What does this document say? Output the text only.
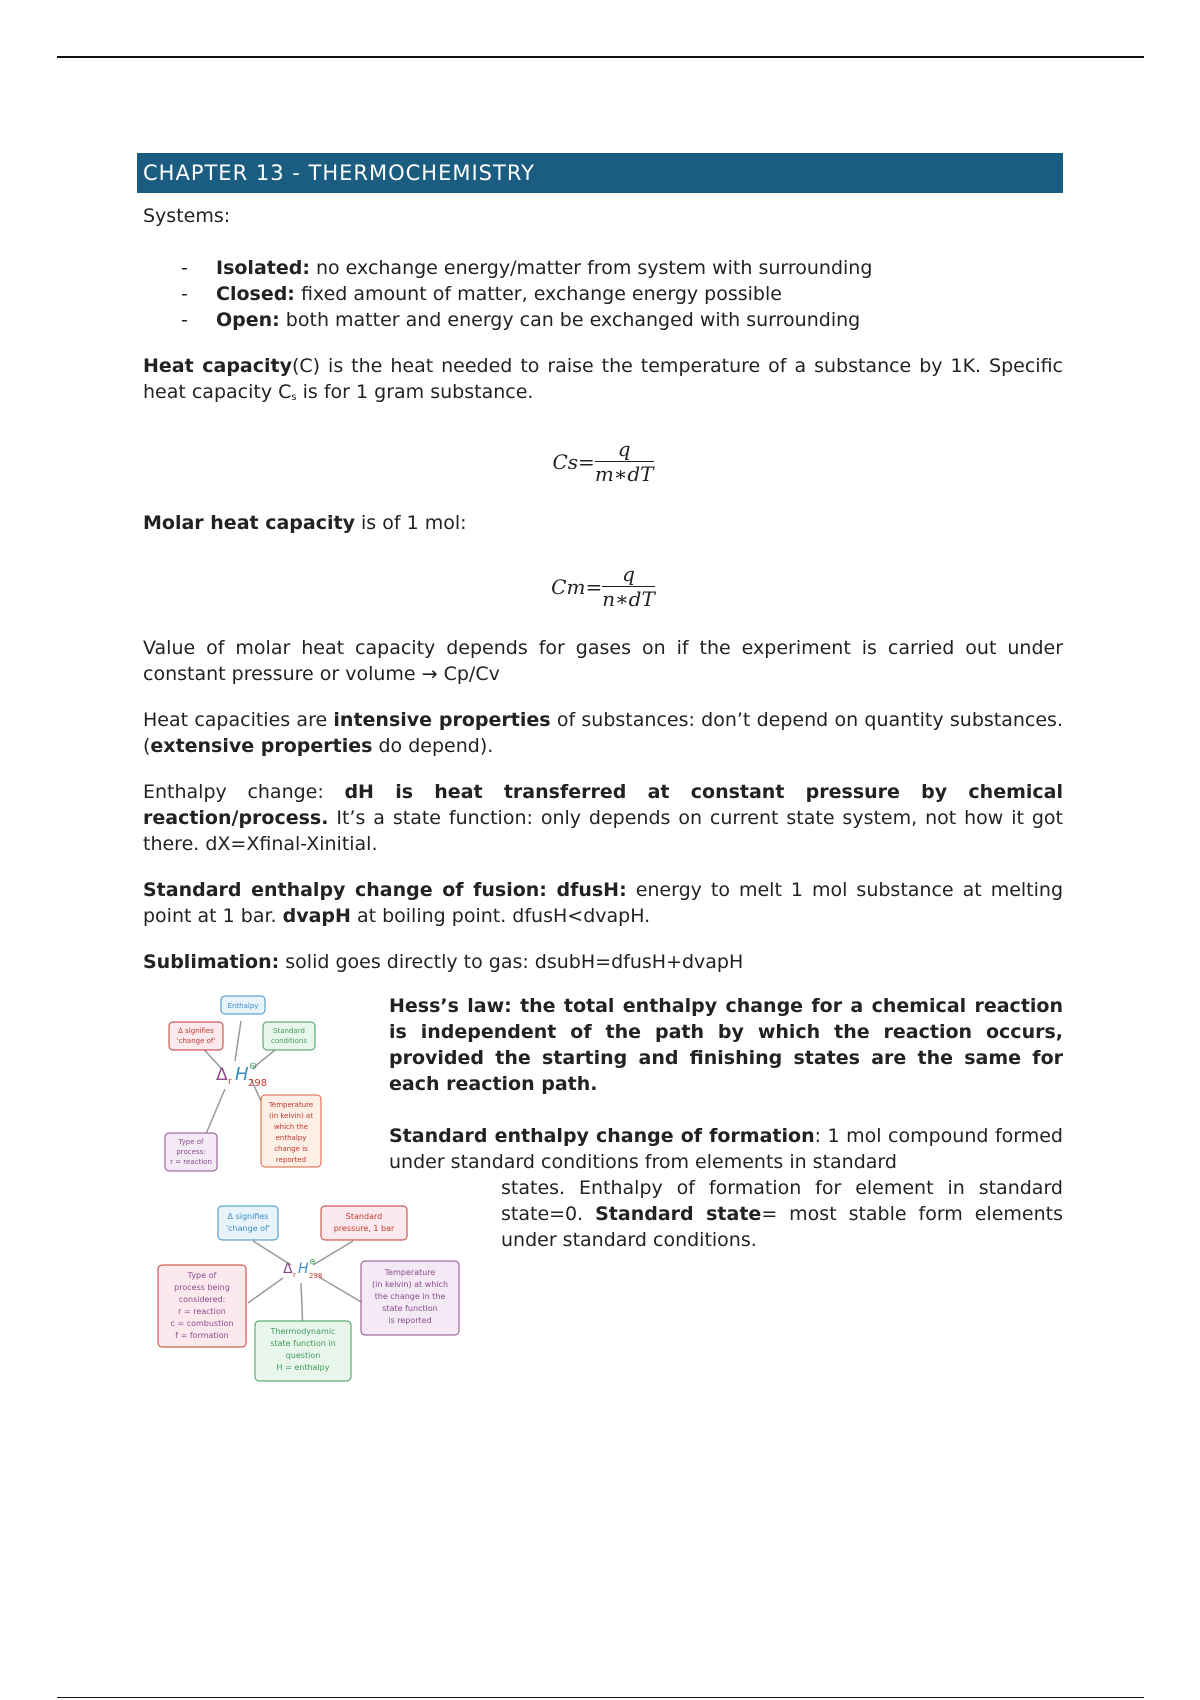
CHAPTER 13 - THERMOCHEMISTRY

Systems:

- Isolated: no exchange energy/matter from system with surrounding
- Closed: fixed amount of matter, exchange energy possible
- Open: both matter and energy can be exchanged with surrounding

Heat capacity(C) is the heat needed to raise the temperature of a substance by 1K. Specific heat capacity $C_s$ is for 1 gram substance.

$Cs= \frac{q}{m∗dT}$

Molar heat capacity is of 1 mol:

$Cm= \frac{q}{n∗dT}$

Value of molar heat capacity depends for gases on if the experiment is carried out under constant pressure or volume → Cp/Cv

Heat capacities are intensive properties of substances: don’t depend on quantity substances. (extensive properties do depend).

Enthalpy change: dH is heat transferred at constant pressure by chemical reaction/process. It’s a state function: only depends on current state system, not how it got there. dX=Xfinal-Xinitial.

Standard enthalpy change of fusion: dfusH: energy to melt 1 mol substance at melting point at 1 bar. dvapH at boiling point. dfusH<dvapH.

Sublimation: solid goes directly to gas: dsubH=dfusH+dvapH

Enthalpy
Δ signifies
'change of'
Standard
conditions
Δ r H ⊖
298
Type of
process:
r = reaction
Temperature
(in kelvin) at
which the
enthalpy
change is
reported
Δ signifies
'change of'
Standard
pressure, 1 bar
Δ r H ⊖
298
Type of
process being
considered:
r = reaction
c = combustion
f = formation	Thermodynamic
state function in
question
H = enthalpy
Temperature
(in kelvin) at which
the change in the
state function
is reported

Hess’s law: the total enthalpy change for a chemical reaction is independent of the path by which the reaction occurs, provided the starting and finishing states are the same for each reaction path.

Standard enthalpy change of formation: 1 mol compound formed under standard conditions from elements in standard

states. Enthalpy of formation for element in standard state=0. Standard state= most stable form elements under standard conditions.
